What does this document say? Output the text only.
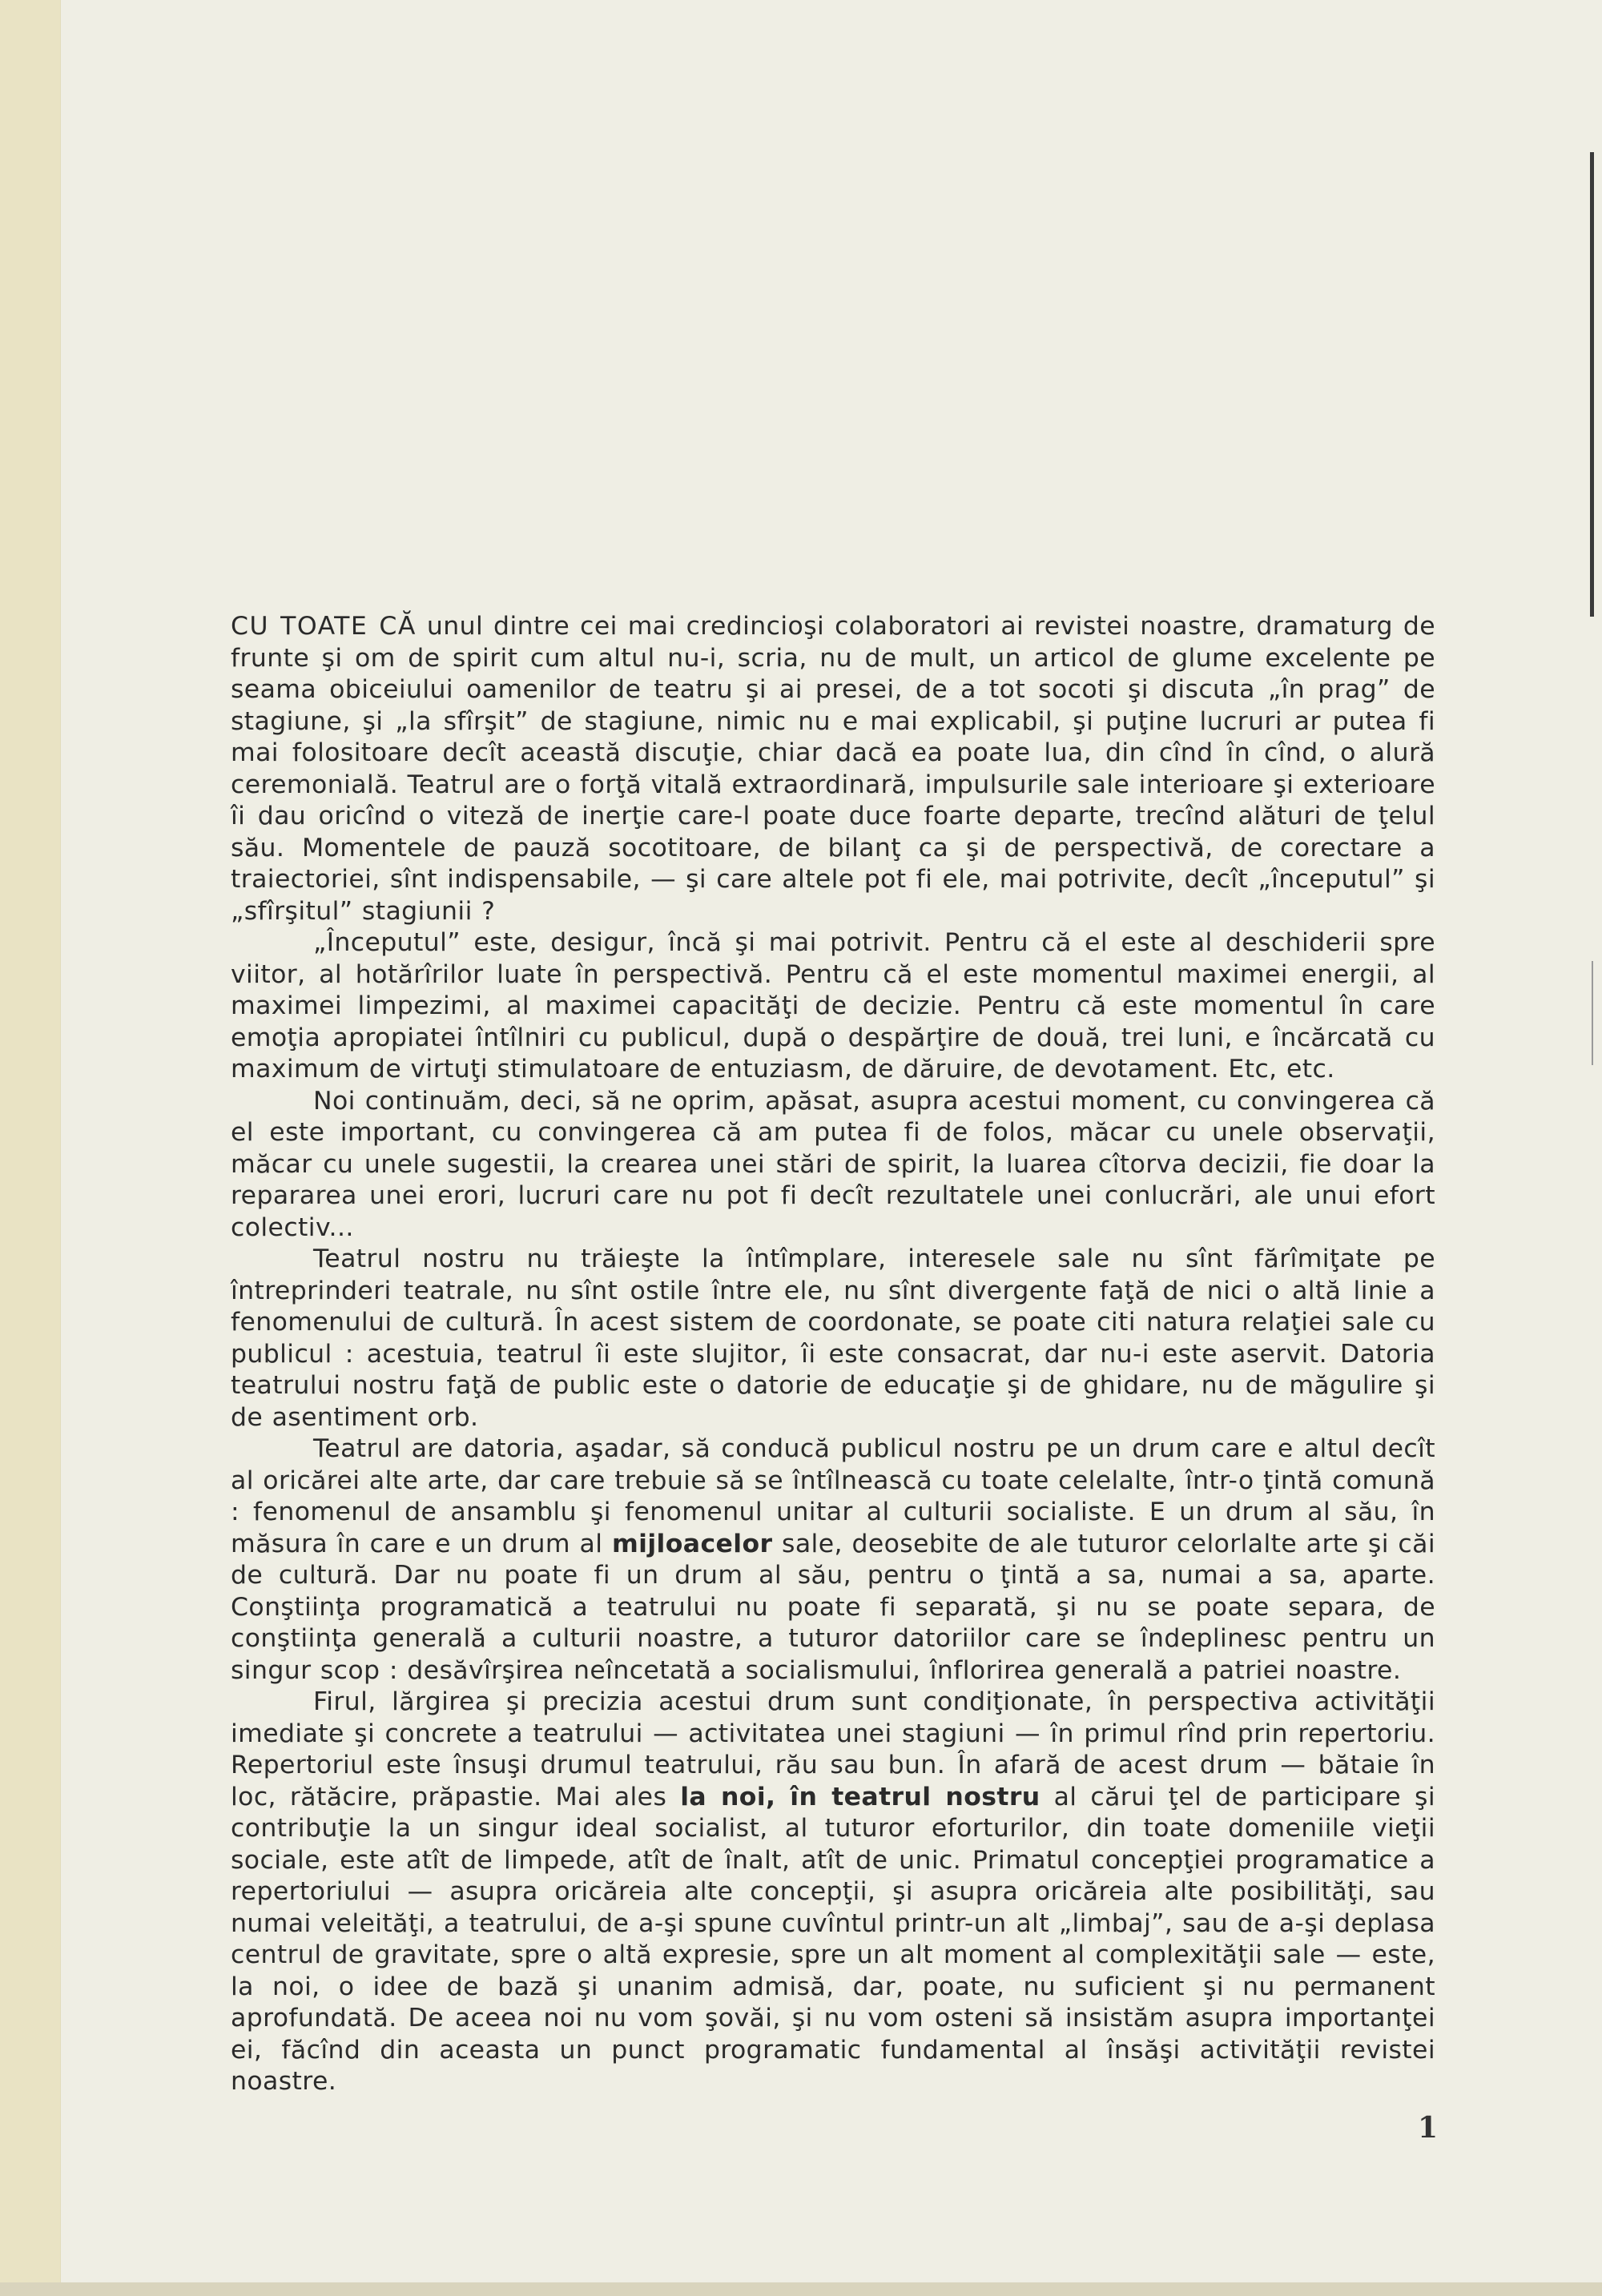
CU TOATE CĂ unul dintre cei mai credincioşi colaboratori ai revistei noastre, dramaturg de frunte şi om de spirit cum altul nu-i, scria, nu de mult, un articol de glume excelente pe seama obiceiului oamenilor de teatru şi ai presei, de a tot socoti şi discuta „în prag” de stagiune, şi „la sfîrşit” de stagiune, nimic nu e mai explicabil, şi puţine lucruri ar putea fi mai folositoare decît această discuţie, chiar dacă ea poate lua, din cînd în cînd, o alură ceremonială. Teatrul are o forţă vitală extraordinară, impulsurile sale interioare şi exterioare îi dau oricînd o viteză de inerţie care-l poate duce foarte departe, trecînd alături de ţelul său. Momentele de pauză socotitoare, de bilanţ ca şi de perspectivă, de corectare a traiectoriei, sînt indispensabile, — şi care altele pot fi ele, mai potrivite, decît „începutul” şi „sfîrşitul” stagiunii ?

„Începutul” este, desigur, încă şi mai potrivit. Pentru că el este al deschiderii spre viitor, al hotărîrilor luate în perspectivă. Pentru că el este momentul maximei energii, al maximei limpezimi, al maximei capacităţi de decizie. Pentru că este momentul în care emoţia apropiatei întîlniri cu publicul, după o despărţire de două, trei luni, e încărcată cu maximum de virtuţi stimulatoare de entuziasm, de dăruire, de devotament. Etc, etc.

Noi continuăm, deci, să ne oprim, apăsat, asupra acestui moment, cu convingerea că el este important, cu convingerea că am putea fi de folos, măcar cu unele observaţii, măcar cu unele sugestii, la crearea unei stări de spirit, la luarea cîtorva decizii, fie doar la repararea unei erori, lucruri care nu pot fi decît rezultatele unei conlucrări, ale unui efort colectiv...

Teatrul nostru nu trăieşte la întîmplare, interesele sale nu sînt fărîmiţate pe întreprinderi teatrale, nu sînt ostile între ele, nu sînt divergente faţă de nici o altă linie a fenomenului de cultură. În acest sistem de coordonate, se poate citi natura relaţiei sale cu publicul : acestuia, teatrul îi este slujitor, îi este consacrat, dar nu-i este aservit. Datoria teatrului nostru faţă de public este o datorie de educaţie şi de ghidare, nu de măgulire şi de asentiment orb.

Teatrul are datoria, aşadar, să conducă publicul nostru pe un drum care e altul decît al oricărei alte arte, dar care trebuie să se întîlnească cu toate celelalte, într-o ţintă comună : fenomenul de ansamblu şi fenomenul unitar al culturii socialiste. E un drum al său, în măsura în care e un drum al mijloacelor sale, deosebite de ale tuturor celorlalte arte şi căi de cultură. Dar nu poate fi un drum al său, pentru o ţintă a sa, numai a sa, aparte. Conştiinţa programatică a teatrului nu poate fi separată, şi nu se poate separa, de conştiinţa generală a culturii noastre, a tuturor datoriilor care se îndeplinesc pentru un singur scop : desăvîrşirea neîncetată a socialismului, înflorirea generală a patriei noastre.

Firul, lărgirea şi precizia acestui drum sunt condiţionate, în perspectiva activităţii imediate şi concrete a teatrului — activitatea unei stagiuni — în primul rînd prin repertoriu. Repertoriul este însuşi drumul teatrului, rău sau bun. În afară de acest drum — bătaie în loc, rătăcire, prăpastie. Mai ales la noi, în teatrul nostru al cărui ţel de participare şi contribuţie la un singur ideal socialist, al tuturor eforturilor, din toate domeniile vieţii sociale, este atît de limpede, atît de înalt, atît de unic. Primatul concepţiei programatice a repertoriului — asupra oricăreia alte concepţii, şi asupra oricăreia alte posibilităţi, sau numai veleităţi, a teatrului, de a-şi spune cuvîntul printr-un alt „limbaj”, sau de a-şi deplasa centrul de gravitate, spre o altă expresie, spre un alt moment al complexităţii sale — este, la noi, o idee de bază şi unanim admisă, dar, poate, nu suficient şi nu permanent aprofundată. De aceea noi nu vom şovăi, şi nu vom osteni să insistăm asupra importanţei ei, făcînd din aceasta un punct programatic fundamental al însăşi activităţii revistei noastre.

1
